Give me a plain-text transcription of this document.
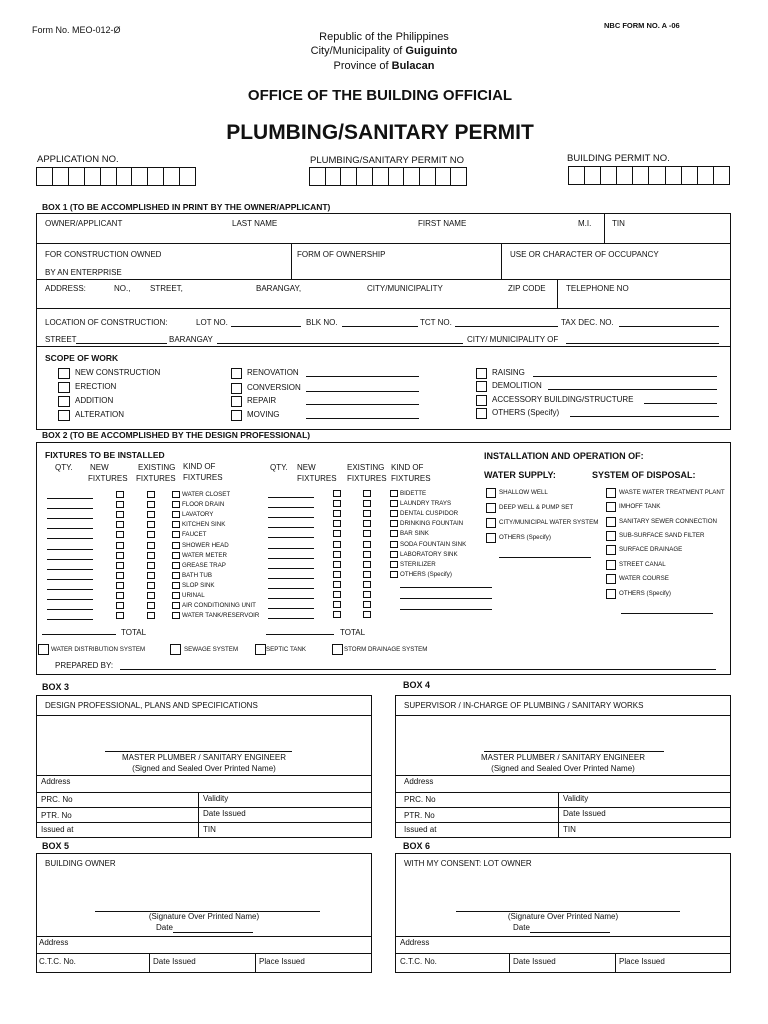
Form No. MEO-012-Ø	NBC FORM NO. A -06
Republic of the Philippines
City/Municipality of Guiguinto
Province of Bulacan
OFFICE OF THE BUILDING OFFICIAL
PLUMBING/SANITARY PERMIT
APPLICATION NO.	PLUMBING/SANITARY PERMIT NO	BUILDING PERMIT NO.
BOX 1 (TO BE ACCOMPLISHED IN PRINT BY THE OWNER/APPLICANT)
OWNER/APPLICANT	LAST NAME	FIRST NAME	M.I.	TIN
FOR CONSTRUCTION OWNED
BY AN ENTERPRISE
FORM OF OWNERSHIP	USE OR CHARACTER OF OCCUPANCY
ADDRESS:	NO., STREET,	BARANGAY,	CITY/MUNICIPALITY	ZIP CODE	TELEPHONE NO
LOCATION OF CONSTRUCTION:	LOT NO.	BLK NO.	TCT NO.	TAX DEC. NO.
STREET	BARANGAY	CITY/ MUNICIPALITY OF
SCOPE OF WORK
NEW CONSTRUCTION
ERECTION
ADDITION
ALTERATION
RENOVATION
CONVERSION
REPAIR
MOVING
RAISING
DEMOLITION
ACCESSORY BUILDING/STRUCTURE
OTHERS (Specify)
BOX 2 (TO BE ACCOMPLISHED BY THE DESIGN PROFESSIONAL)
FIXTURES TO BE INSTALLED
QTY. NEW
FIXTURES
EXISTING
FIXTURES
KIND OF
FIXTURES
QTY. NEW
FIXTURES
EXISTING
FIXTURES
KIND OF
FIXTURES
WATER CLOSET
FLOOR DRAIN
LAVATORY
KITCHEN SINK
FAUCET
SHOWER HEAD
WATER METER
GREASE TRAP
BATH TUB
SLOP SINK
URINAL
AIR CONDITIONING UNIT
WATER TANK/RESERVOIR
BIDETTE
LAUNDRY TRAYS
DENTAL CUSPIDOR
DRINKING FOUNTAIN
BAR SINK
SODA FOUNTAIN SINK
LABORATORY SINK
STERILIZER
OTHERS (Specify)
TOTAL	TOTAL
INSTALLATION AND OPERATION OF:
WATER SUPPLY:	SYSTEM OF DISPOSAL:
SHALLOW WELL
DEEP WELL & PUMP SET
CITY/MUNICIPAL WATER SYSTEM
OTHERS (Specify)
WASTE WATER TREATMENT PLANT
IMHOFF TANK
SANITARY SEWER CONNECTION
SUB-SURFACE SAND FILTER
SURFACE DRAINAGE
STREET CANAL
WATER COURSE
OTHERS (Specify)
WATER DISTRIBUTION SYSTEM	SEWAGE SYSTEM	SEPTIC TANK	STORM DRAINAGE SYSTEM
PREPARED BY:
BOX 3	BOX 4
DESIGN PROFESSIONAL, PLANS AND SPECIFICATIONS
MASTER PLUMBER / SANITARY ENGINEER
(Signed and Sealed Over Printed Name)
Address
PRC. No	Validity
PTR. No	Date Issued
Issued at	TIN
SUPERVISOR / IN-CHARGE OF PLUMBING / SANITARY WORKS
MASTER PLUMBER / SANITARY ENGINEER
(Signed and Sealed Over Printed Name)
Address
PRC. No	Validity
PTR. No	Date Issued
Issued at	TIN
BOX 5	BOX 6
BUILDING OWNER
(Signature Over Printed Name)
Date
Address
C.T.C. No.	Date Issued	Place Issued
WITH MY CONSENT: LOT OWNER
(Signature Over Printed Name)
Date
Address
C.T.C. No.	Date Issued	Place Issued
